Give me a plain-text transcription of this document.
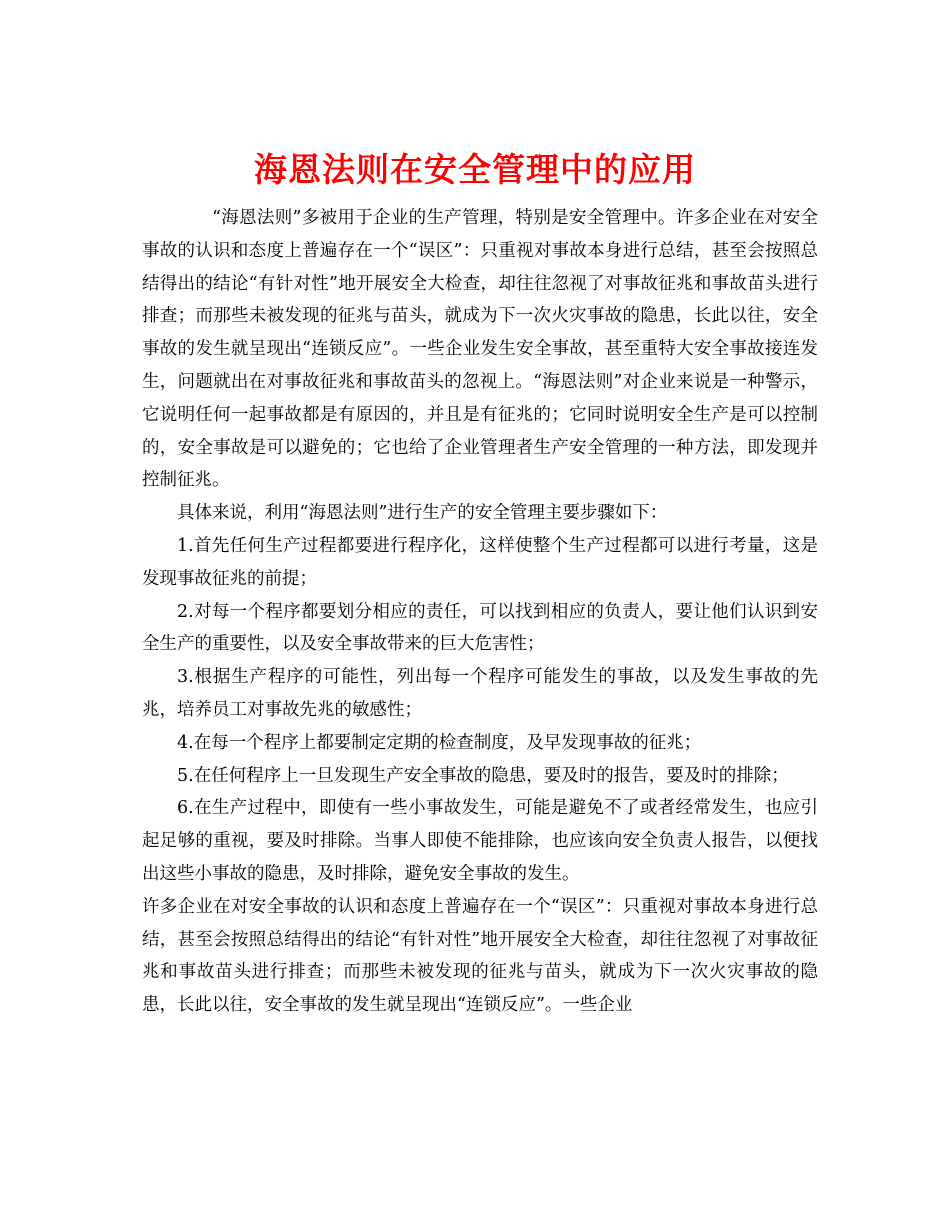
海恩法则在安全管理中的应用

“海恩法则”多被用于企业的生产管理，特别是安全管理中。许多企业在对安全事故的认识和态度上普遍存在一个“误区”：只重视对事故本身进行总结，甚至会按照总结得出的结论“有针对性”地开展安全大检查，却往往忽视了对事故征兆和事故苗头进行排查；而那些未被发现的征兆与苗头，就成为下一次火灾事故的隐患，长此以往，安全事故的发生就呈现出“连锁反应”。一些企业发生安全事故，甚至重特大安全事故接连发生，问题就出在对事故征兆和事故苗头的忽视上。“海恩法则”对企业来说是一种警示，它说明任何一起事故都是有原因的，并且是有征兆的；它同时说明安全生产是可以控制的，安全事故是可以避免的；它也给了企业管理者生产安全管理的一种方法，即发现并控制征兆。

具体来说，利用“海恩法则”进行生产的安全管理主要步骤如下：

1.首先任何生产过程都要进行程序化，这样使整个生产过程都可以进行考量，这是发现事故征兆的前提；

2.对每一个程序都要划分相应的责任，可以找到相应的负责人，要让他们认识到安全生产的重要性，以及安全事故带来的巨大危害性；

3.根据生产程序的可能性，列出每一个程序可能发生的事故，以及发生事故的先兆，培养员工对事故先兆的敏感性；

4.在每一个程序上都要制定定期的检查制度，及早发现事故的征兆；

5.在任何程序上一旦发现生产安全事故的隐患，要及时的报告，要及时的排除；

6.在生产过程中，即使有一些小事故发生，可能是避免不了或者经常发生，也应引起足够的重视，要及时排除。当事人即使不能排除，也应该向安全负责人报告，以便找出这些小事故的隐患，及时排除，避免安全事故的发生。

许多企业在对安全事故的认识和态度上普遍存在一个“误区”：只重视对事故本身进行总结，甚至会按照总结得出的结论“有针对性”地开展安全大检查，却往往忽视了对事故征兆和事故苗头进行排查；而那些未被发现的征兆与苗头，就成为下一次火灾事故的隐患，长此以往，安全事故的发生就呈现出“连锁反应”。一些企业
